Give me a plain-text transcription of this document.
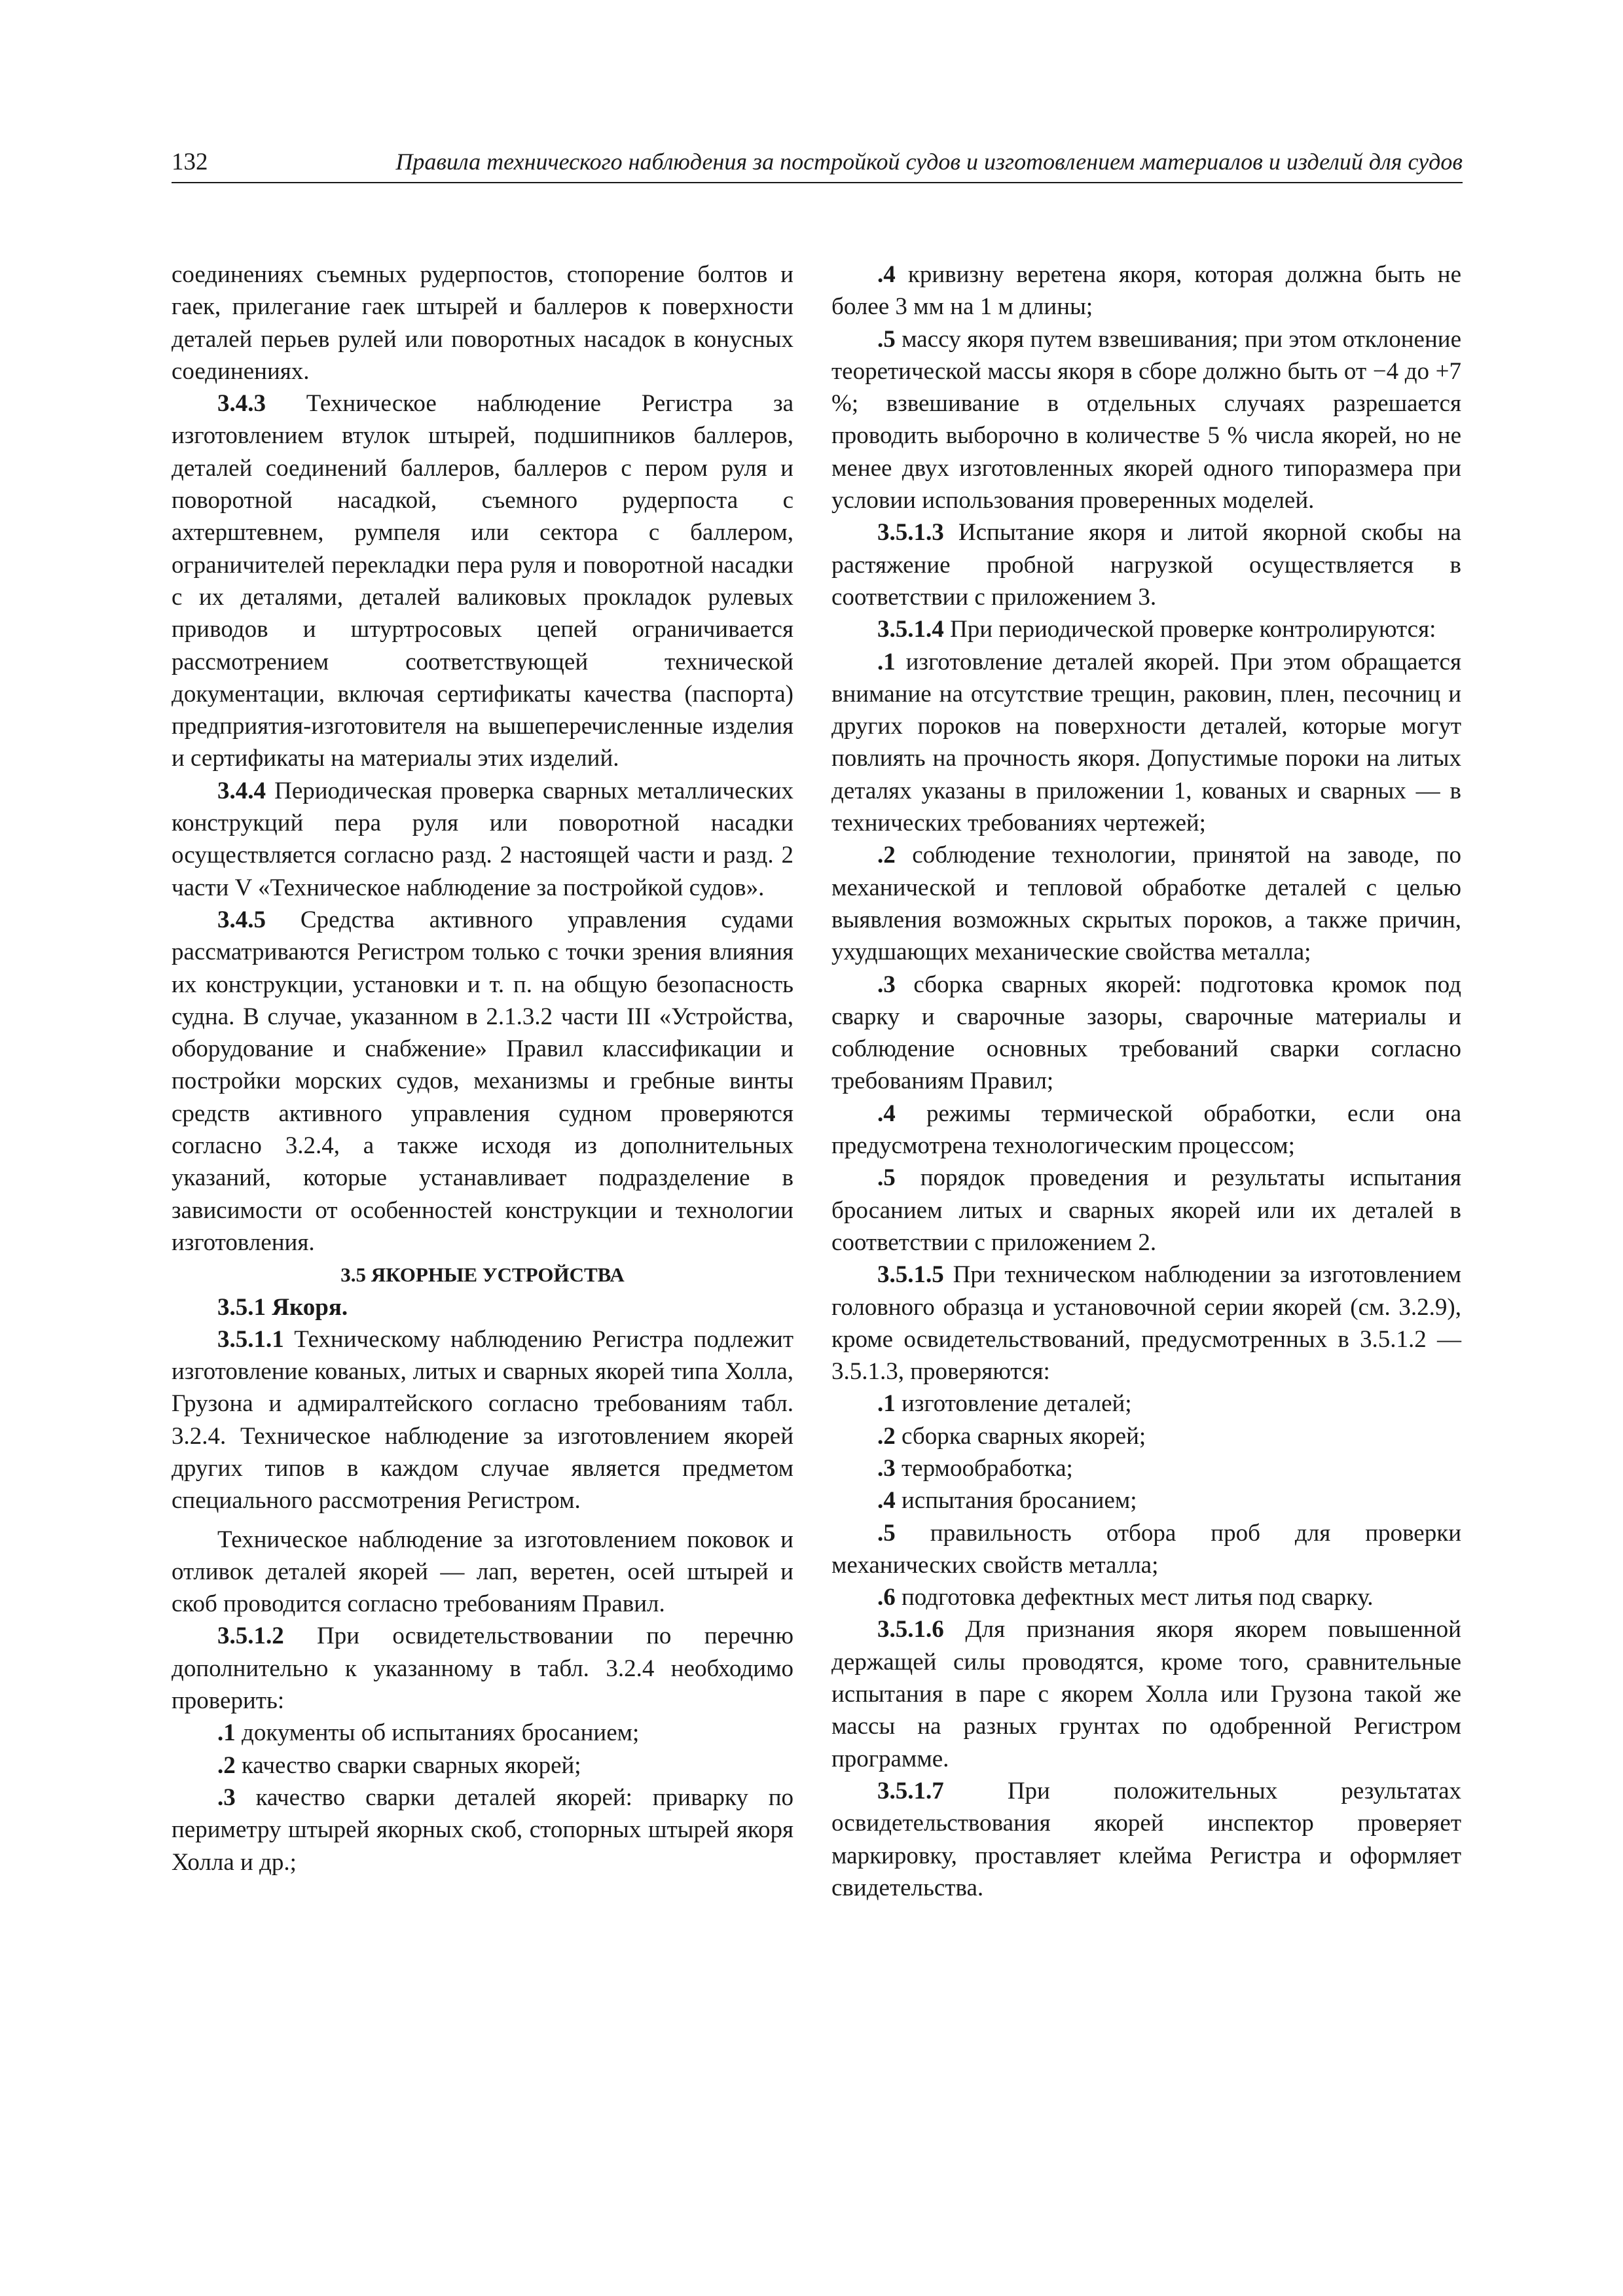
132	Правила технического наблюдения за постройкой судов и изготовлением материалов и изделий для судов

соединениях съемных рудерпостов, стопорение болтов и гаек, прилегание гаек штырей и баллеров к поверхности деталей перьев рулей или поворотных насадок в конусных соединениях.

3.4.3 Техническое наблюдение Регистра за изготовлением втулок штырей, подшипников баллеров, деталей соединений баллеров, баллеров с пером руля и поворотной насадкой, съемного рудерпоста с ахтерштевнем, румпеля или сектора с баллером, ограничителей перекладки пера руля и поворотной насадки с их деталями, деталей валиковых прокладок рулевых приводов и штуртросовых цепей ограничивается рассмотрением соответствующей технической документации, включая сертификаты качества (паспорта) предприятия-изготовителя на вышеперечисленные изделия и сертификаты на материалы этих изделий.

3.4.4 Периодическая проверка сварных металлических конструкций пера руля или поворотной насадки осуществляется согласно разд. 2 настоящей части и разд. 2 части V «Техническое наблюдение за постройкой судов».

3.4.5 Средства активного управления судами рассматриваются Регистром только с точки зрения влияния их конструкции, установки и т. п. на общую безопасность судна. В случае, указанном в 2.1.3.2 части III «Устройства, оборудование и снабжение» Правил классификации и постройки морских судов, механизмы и гребные винты средств активного управления судном проверяются согласно 3.2.4, а также исходя из дополнительных указаний, которые устанавливает подразделение в зависимости от особенностей конструкции и технологии изготовления.

3.5 ЯКОРНЫЕ УСТРОЙСТВА

3.5.1 Якоря.

3.5.1.1 Техническому наблюдению Регистра подлежит изготовление кованых, литых и сварных якорей типа Холла, Грузона и адмиралтейского согласно требованиям табл. 3.2.4. Техническое наблюдение за изготовлением якорей других типов в каждом случае является предметом специального рассмотрения Регистром.

Техническое наблюдение за изготовлением поковок и отливок деталей якорей — лап, веретен, осей штырей и скоб проводится согласно требованиям Правил.

3.5.1.2 При освидетельствовании по перечню дополнительно к указанному в табл. 3.2.4 необходимо проверить:

.1 документы об испытаниях бросанием;

.2 качество сварки сварных якорей;

.3 качество сварки деталей якорей: приварку по периметру штырей якорных скоб, стопорных штырей якоря Холла и др.;

.4 кривизну веретена якоря, которая должна быть не более 3 мм на 1 м длины;

.5 массу якоря путем взвешивания; при этом отклонение теоретической массы якоря в сборе должно быть от −4 до +7 %; взвешивание в отдельных случаях разрешается проводить выборочно в количестве 5 % числа якорей, но не менее двух изготовленных якорей одного типоразмера при условии использования проверенных моделей.

3.5.1.3 Испытание якоря и литой якорной скобы на растяжение пробной нагрузкой осуществляется в соответствии с приложением 3.

3.5.1.4 При периодической проверке контролируются:

.1 изготовление деталей якорей. При этом обращается внимание на отсутствие трещин, раковин, плен, песочниц и других пороков на поверхности деталей, которые могут повлиять на прочность якоря. Допустимые пороки на литых деталях указаны в приложении 1, кованых и сварных — в технических требованиях чертежей;

.2 соблюдение технологии, принятой на заводе, по механической и тепловой обработке деталей с целью выявления возможных скрытых пороков, а также причин, ухудшающих механические свойства металла;

.3 сборка сварных якорей: подготовка кромок под сварку и сварочные зазоры, сварочные материалы и соблюдение основных требований сварки согласно требованиям Правил;

.4 режимы термической обработки, если она предусмотрена технологическим процессом;

.5 порядок проведения и результаты испытания бросанием литых и сварных якорей или их деталей в соответствии с приложением 2.

3.5.1.5 При техническом наблюдении за изготовлением головного образца и установочной серии якорей (см. 3.2.9), кроме освидетельствований, предусмотренных в 3.5.1.2 — 3.5.1.3, проверяются:

.1 изготовление деталей;

.2 сборка сварных якорей;

.3 термообработка;

.4 испытания бросанием;

.5 правильность отбора проб для проверки механических свойств металла;

.6 подготовка дефектных мест литья под сварку.

3.5.1.6 Для признания якоря якорем повышенной держащей силы проводятся, кроме того, сравнительные испытания в паре с якорем Холла или Грузона такой же массы на разных грунтах по одобренной Регистром программе.

3.5.1.7 При положительных результатах освидетельствования якорей инспектор проверяет маркировку, проставляет клейма Регистра и оформляет свидетельства.
